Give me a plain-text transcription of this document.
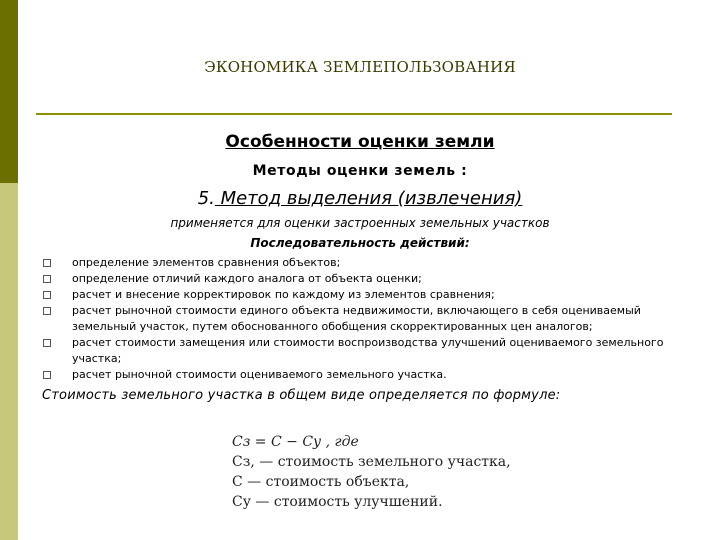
ЭКОНОМИКА ЗЕМЛЕПОЛЬЗОВАНИЯ
Особенности оценки земли
Методы оценки земель :
5. Метод выделения (извлечения)
применяется для оценки застроенных земельных участков
Последовательность действий:
определение элементов сравнения объектов;
определение отличий каждого аналога от объекта оценки;
расчет и внесение корректировок по каждому из элементов сравнения;
расчет рыночной стоимости единого объекта недвижимости, включающего в себя оцениваемый земельный участок, путем обоснованного обобщения скорректированных цен аналогов;
расчет стоимости замещения или стоимости воспроизводства улучшений оцениваемого земельного участка;
расчет рыночной стоимости оцениваемого земельного участка.
Стоимость земельного участка в общем виде определяется по формуле:
Cз = C − Cу , где
Сз, — стоимость земельного участка,
С — стоимость объекта,
Су — стоимость улучшений.
